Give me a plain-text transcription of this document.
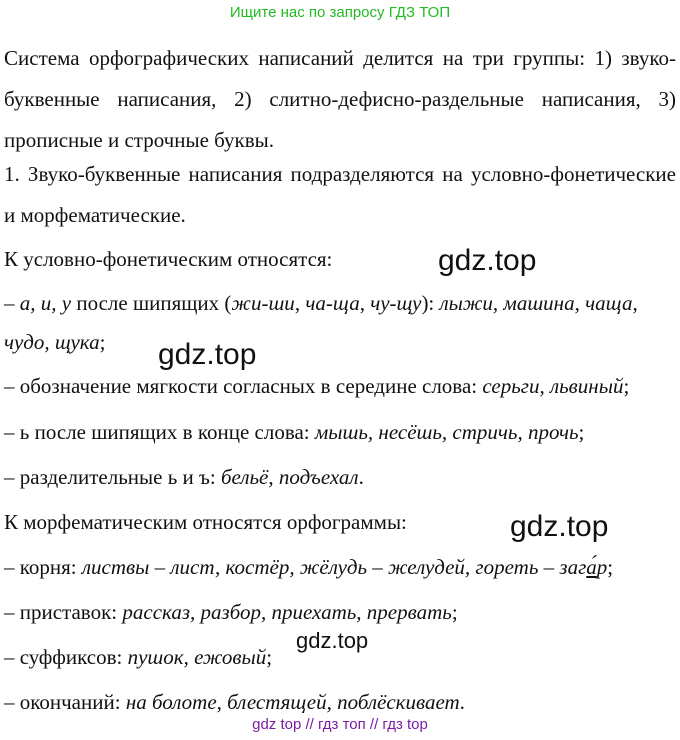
Ищите нас по запросу ГДЗ ТОП

Система орфографических написаний делится на три группы: 1) звуко-буквенные написания, 2) слитно-дефисно-раздельные написания, 3) прописные и строчные буквы.

1. Звуко-буквенные написания подразделяются на условно-фонетические и морфематические.

К условно-фонетическим относятся:
– а, и, у после шипящих (жи-ши, ча-ща, чу-щу): лыжи, машина, чаща,
чудо, щука;
– обозначение мягкости согласных в середине слова: серьги, львиный;
– ь после шипящих в конце слова: мышь, несёшь, стричь, прочь;
– разделительные ь и ъ: бельё, подъехал.
К морфематическим относятся орфограммы:
– корня: листвы – лист, костёр, жёлудь – желудей, гореть – зага́р;
– приставок: рассказ, разбор, приехать, прервать;
– суффиксов: пушок, ежовый;
– окончаний: на болоте, блестящей, поблёскивает.
gdz.top
gdz.top
gdz.top
gdz.top
gdz top // гдз топ // гдз top
